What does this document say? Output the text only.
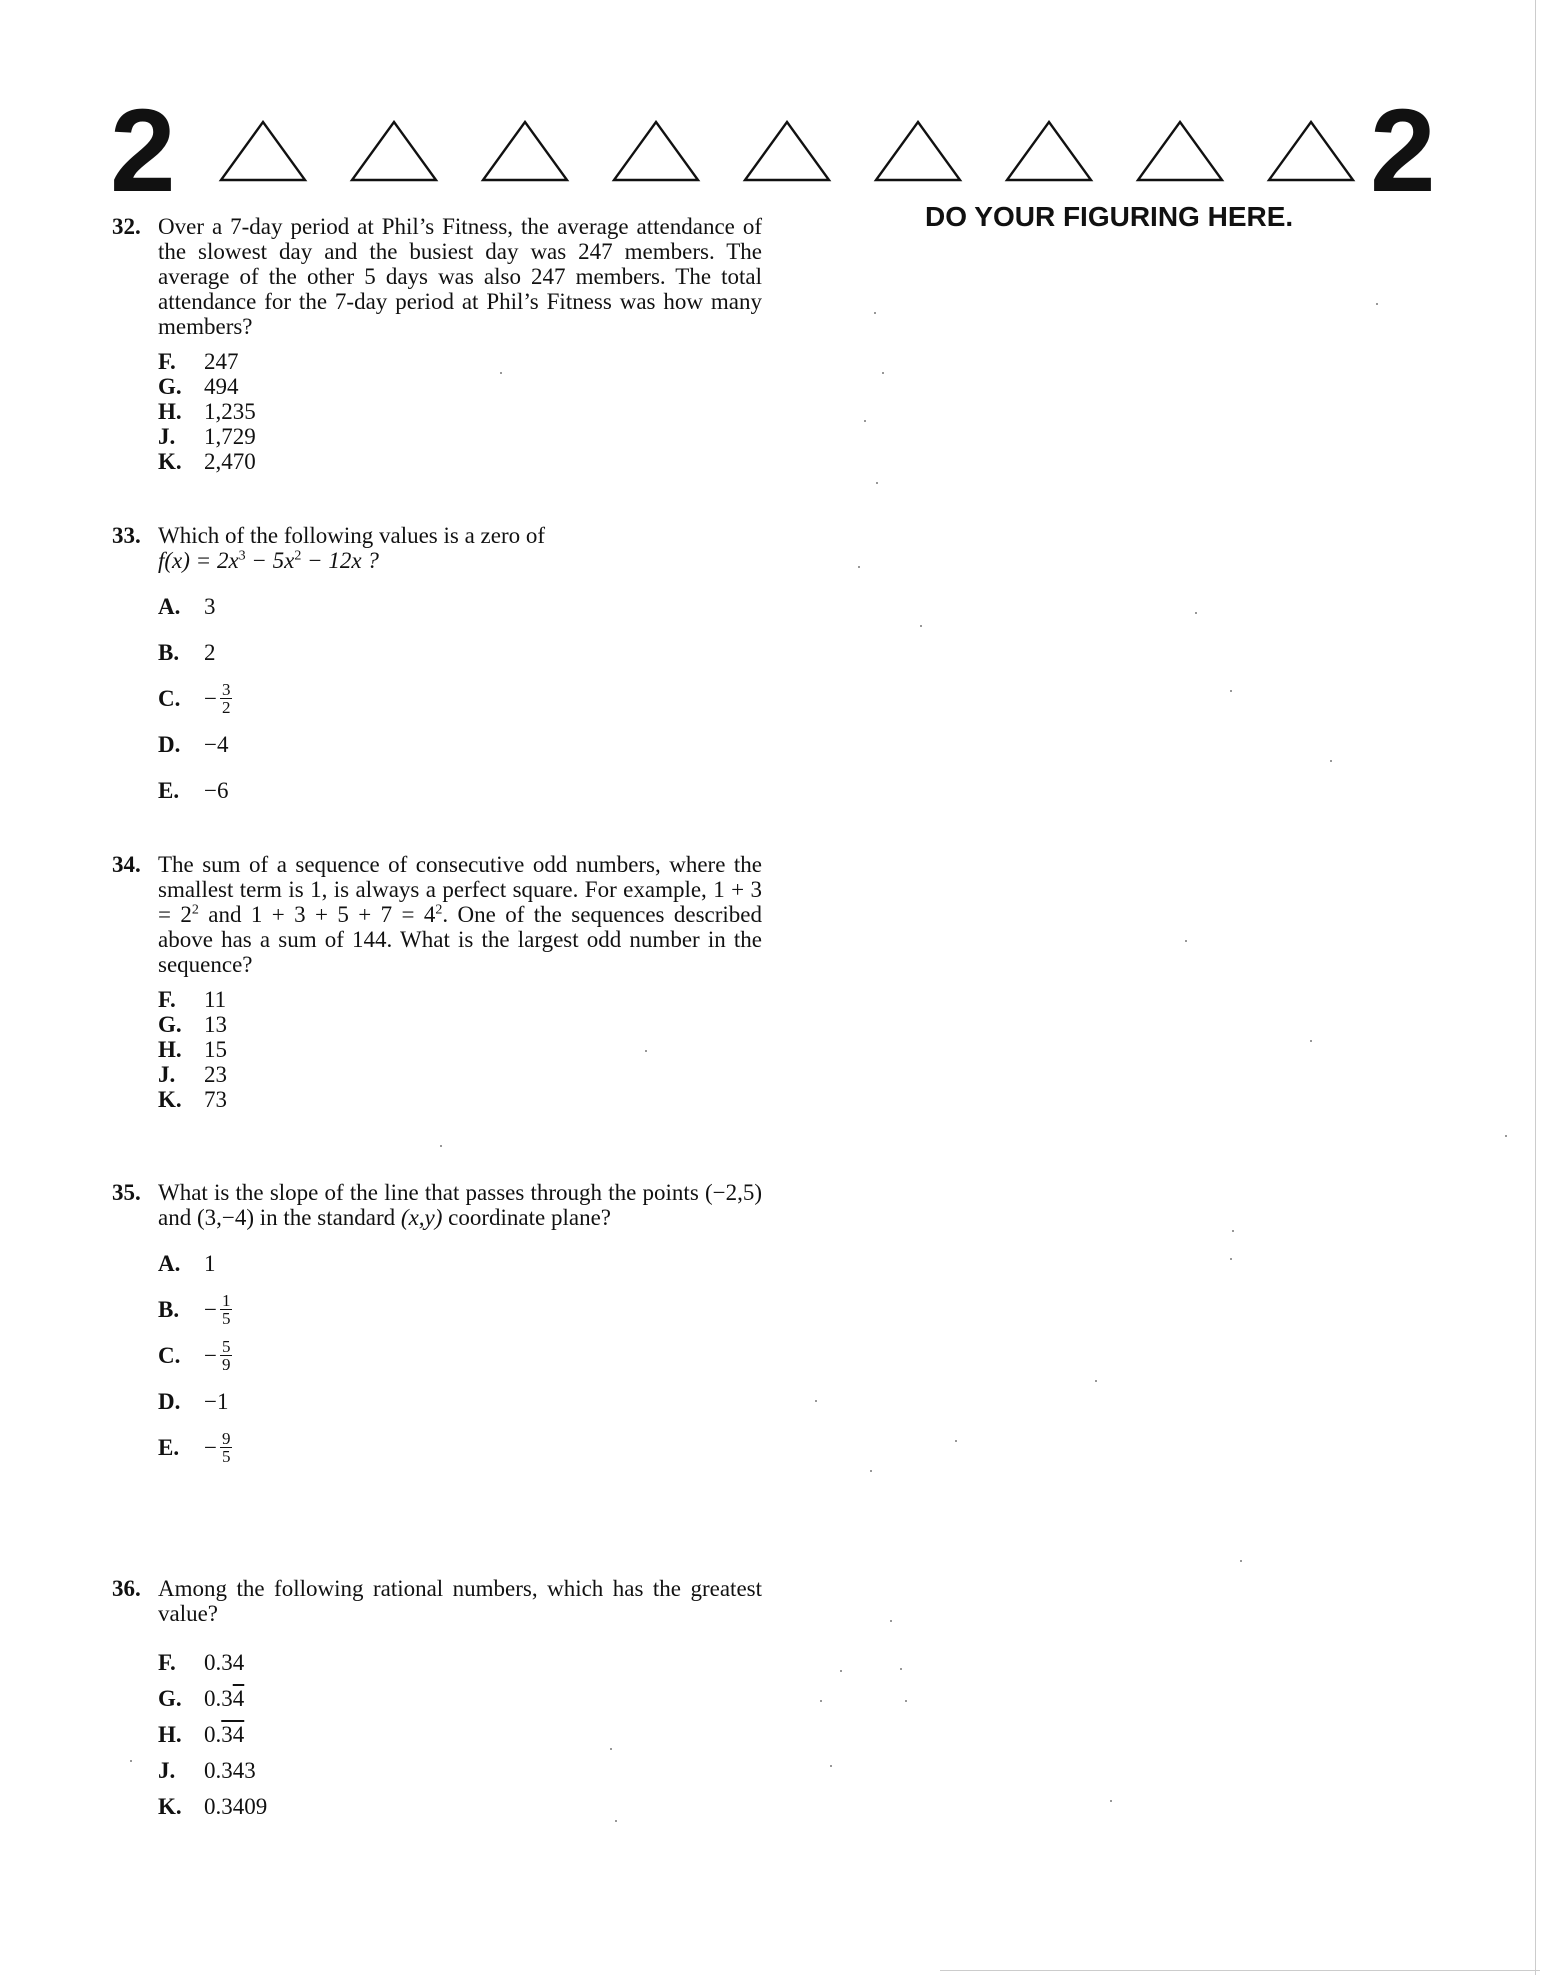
2	2
DO YOUR FIGURING HERE.
32. Over a 7-day period at Phil’s Fitness, the average attendance of the slowest day and the busiest day was 247 members. The average of the other 5 days was also 247 members. The total attendance for the 7-day period at Phil’s Fitness was how many members?
F.	247
G. 494
H. 1,235
J.	1,729
K. 2,470
33. Which of the following values is a zero of
$f(x) = 2x^3 - 5x^2 - 12x$ ?
A.	3
B.	2
C.	− $\frac{3}{2}$
D.	−4
E.	−6
34. The sum of a sequence of consecutive odd numbers, where the smallest term is 1, is always a perfect square. For example, $1 + 3 = 2^2$ and $1 + 3 + 5 + 7 = 4^2$. One of the sequences described above has a sum of 144. What is the largest odd number in the sequence?
F.	11
G. 13
H. 15
J.	23
K. 73
35. What is the slope of the line that passes through the points (−2,5) and (3,−4) in the standard (x,y) coordinate plane?
A.	1
B.	− $\frac{1}{5}$
C.	− $\frac{5}{9}$
D.	−1
E.	− $\frac{9}{5}$
36. Among the following rational numbers, which has the greatest value?
F.	0.34
G. 0.3 4
H. 0. 34
J.	0.343
K. 0.3409
